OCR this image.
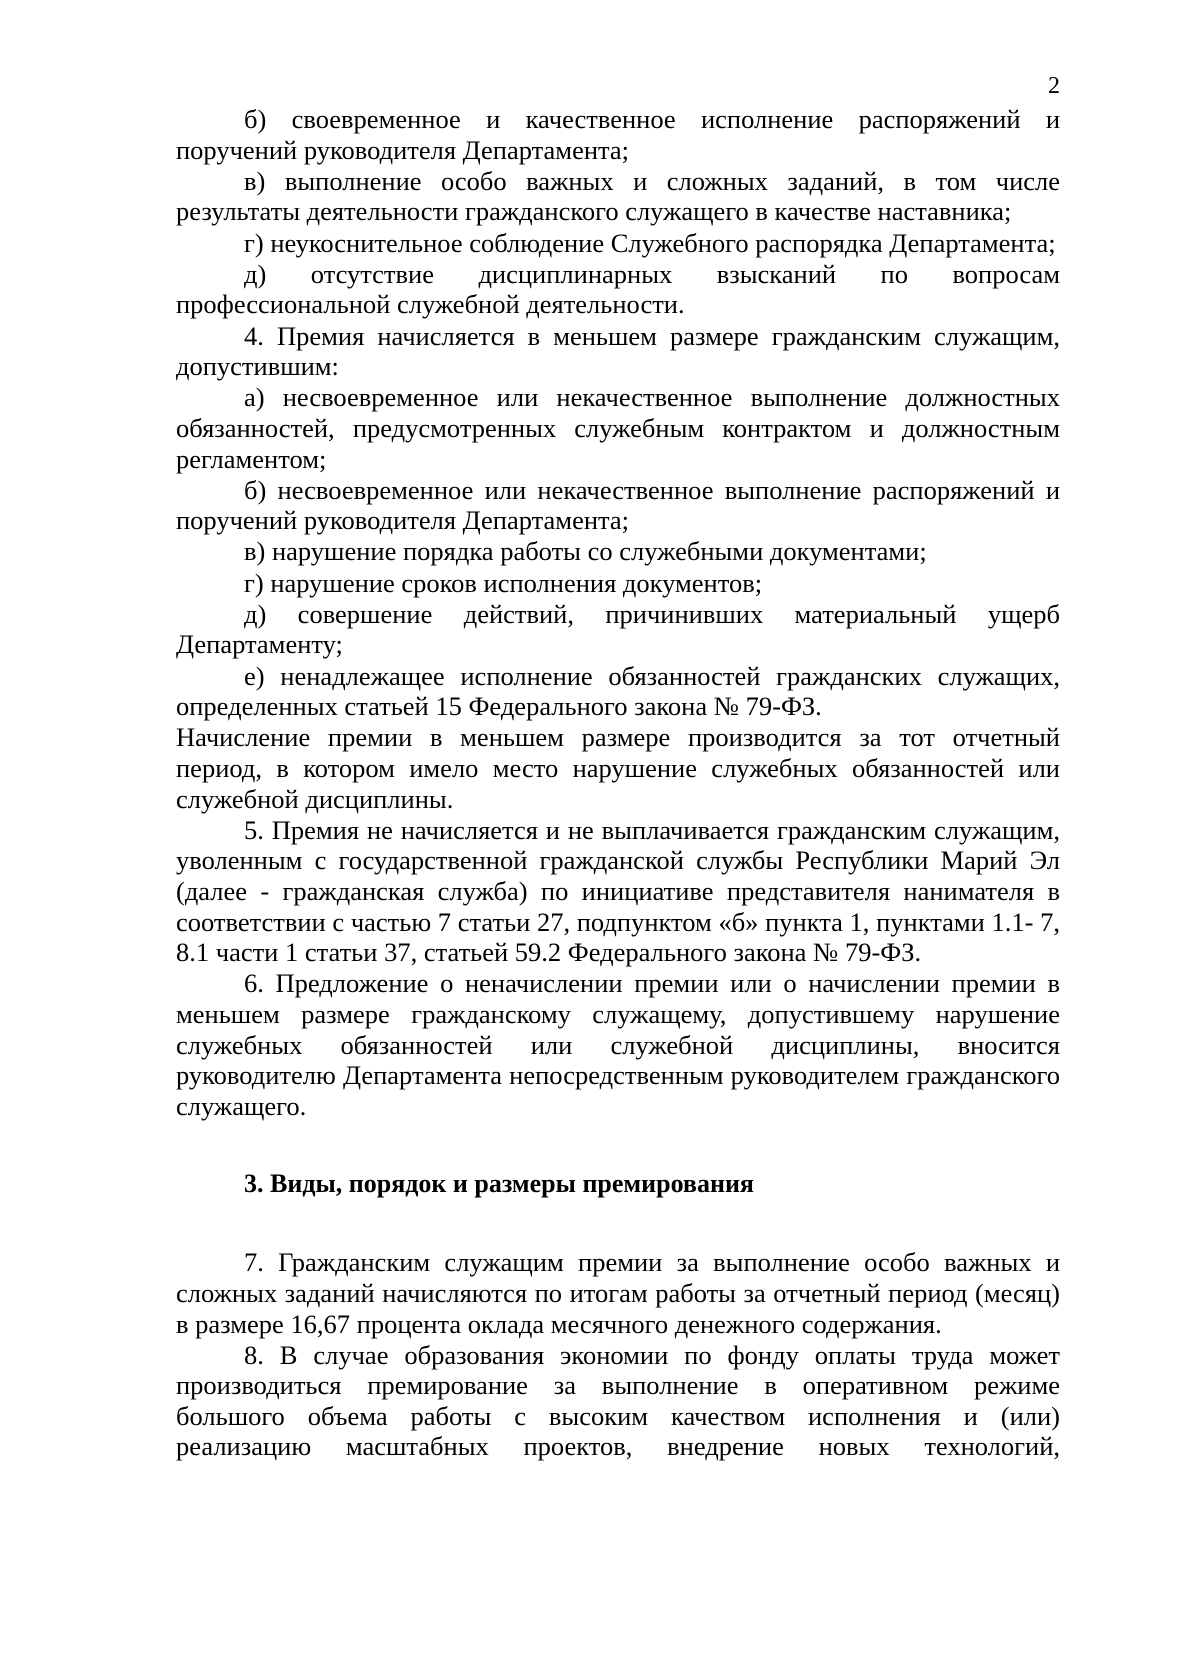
2

б) своевременное и качественное исполнение распоряжений и поручений руководителя Департамента;

в) выполнение особо важных и сложных заданий, в том числе результаты деятельности гражданского служащего в качестве наставника;

г) неукоснительное соблюдение Служебного распорядка Департамента;

д) отсутствие дисциплинарных взысканий по вопросам профессиональной служебной деятельности.

4. Премия начисляется в меньшем размере гражданским служащим, допустившим:

а) несвоевременное или некачественное выполнение должностных обязанностей, предусмотренных служебным контрактом и должностным регламентом;

б) несвоевременное или некачественное выполнение распоряжений и поручений руководителя Департамента;

в) нарушение порядка работы со служебными документами;

г) нарушение сроков исполнения документов;

д) совершение действий, причинивших материальный ущерб Департаменту;

е) ненадлежащее исполнение обязанностей гражданских служащих, определенных статьей 15 Федерального закона № 79-ФЗ.

Начисление премии в меньшем размере производится за тот отчетный период, в котором имело место нарушение служебных обязанностей или служебной дисциплины.

5. Премия не начисляется и не выплачивается гражданским служащим, уволенным с государственной гражданской службы Республики Марий Эл (далее - гражданская служба) по инициативе представителя нанимателя в соответствии с частью 7 статьи 27, подпунктом «б» пункта 1, пунктами 1.1- 7, 8.1 части 1 статьи 37, статьей 59.2 Федерального закона № 79-ФЗ.

6. Предложение о неначислении премии или о начислении премии в меньшем размере гражданскому служащему, допустившему нарушение служебных обязанностей или служебной дисциплины, вносится руководителю Департамента непосредственным руководителем гражданского служащего.

3. Виды, порядок и размеры премирования

7. Гражданским служащим премии за выполнение особо важных и сложных заданий начисляются по итогам работы за отчетный период (месяц) в размере 16,67 процента оклада месячного денежного содержания.

8. В случае образования экономии по фонду оплаты труда может производиться премирование за выполнение в оперативном режиме большого объема работы с высоким качеством исполнения и (или) реализацию масштабных проектов, внедрение новых технологий,
